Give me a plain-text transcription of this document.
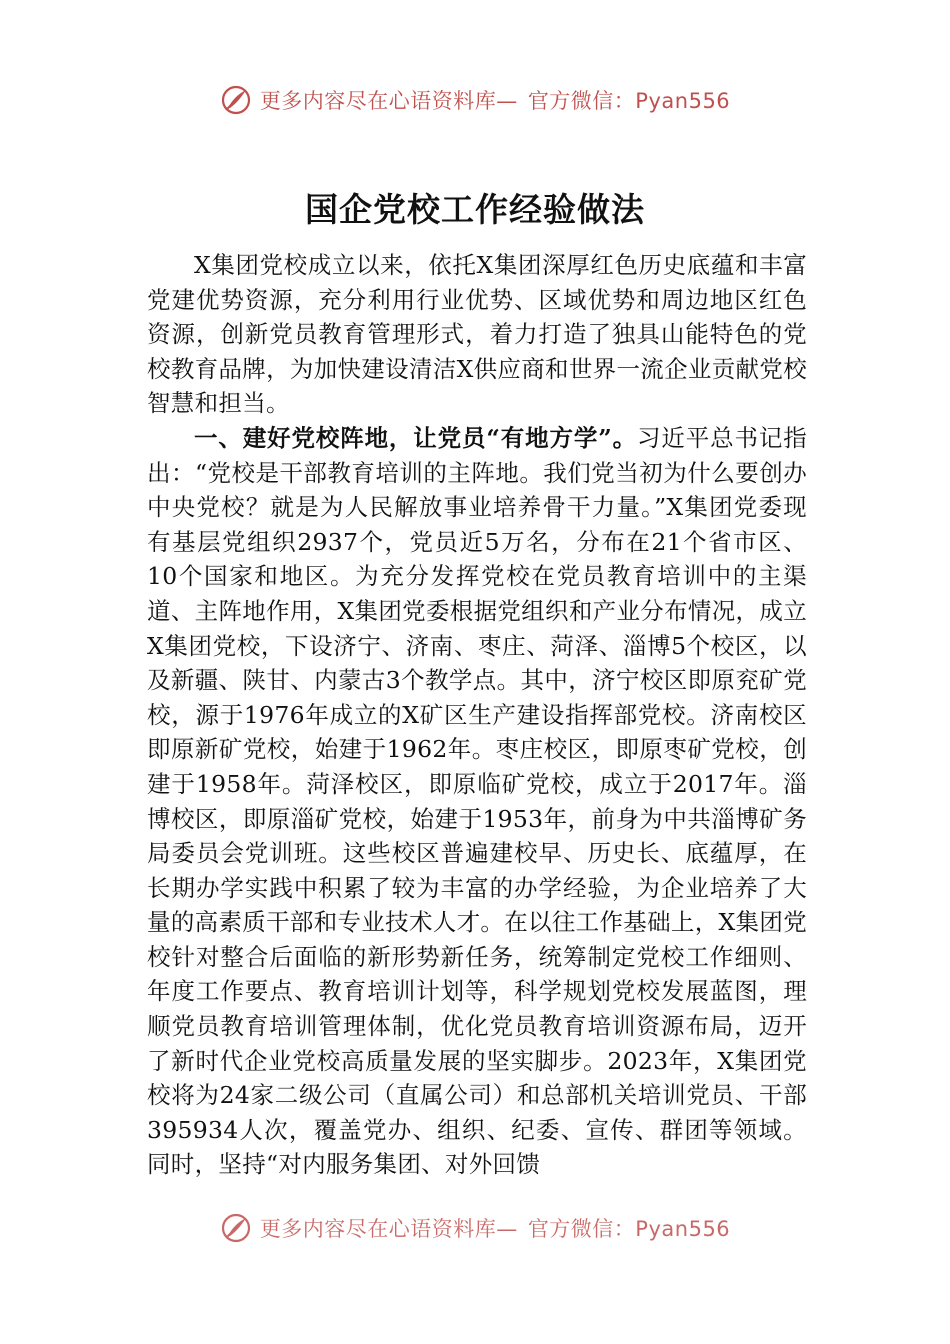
更多内容尽在心语资料库— 官方微信：Pyan556
国企党校工作经验做法

X集团党校成立以来，依托X集团深厚红色历史底蕴和丰富党建优势资源，充分利用行业优势、区域优势和周边地区红色资源，创新党员教育管理形式，着力打造了独具山能特色的党校教育品牌，为加快建设清洁X供应商和世界一流企业贡献党校智慧和担当。

一、建好党校阵地，让党员“有地方学”。习近平总书记指出：“党校是干部教育培训的主阵地。我们党当初为什么要创办中央党校？就是为人民解放事业培养骨干力量。”X集团党委现有基层党组织2937个，党员近5万名，分布在21个省市区、10个国家和地区。为充分发挥党校在党员教育培训中的主渠道、主阵地作用，X集团党委根据党组织和产业分布情况，成立X集团党校，下设济宁、济南、枣庄、菏泽、淄博5个校区，以及新疆、陕甘、内蒙古3个教学点。其中，济宁校区即原兖矿党校，源于1976年成立的X矿区生产建设指挥部党校。济南校区即原新矿党校，始建于1962年。枣庄校区，即原枣矿党校，创建于1958年。菏泽校区，即原临矿党校，成立于2017年。淄博校区，即原淄矿党校，始建于1953年，前身为中共淄博矿务局委员会党训班。这些校区普遍建校早、历史长、底蕴厚，在长期办学实践中积累了较为丰富的办学经验，为企业培养了大量的高素质干部和专业技术人才。在以往工作基础上，X集团党校针对整合后面临的新形势新任务，统筹制定党校工作细则、年度工作要点、教育培训计划等，科学规划党校发展蓝图，理顺党员教育培训管理体制，优化党员教育培训资源布局，迈开了新时代企业党校高质量发展的坚实脚步。2023年，X集团党校将为24家二级公司（直属公司）和总部机关培训党员、干部395934人次，覆盖党办、组织、纪委、宣传、群团等领域。同时，坚持“对内服务集团、对外回馈

更多内容尽在心语资料库— 官方微信：Pyan556
